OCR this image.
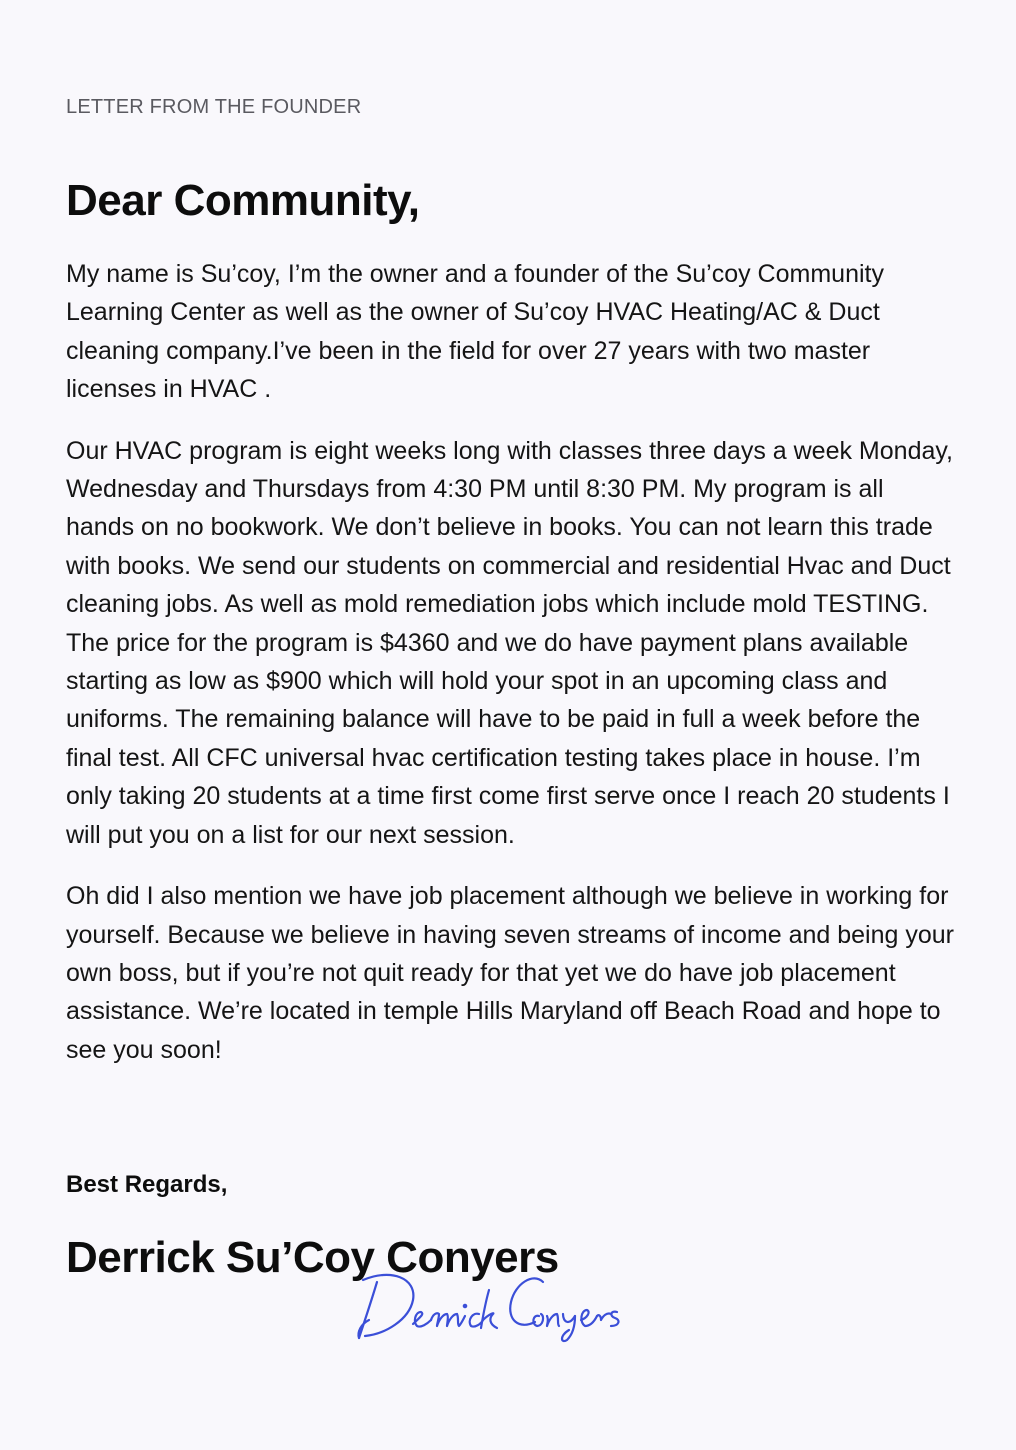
LETTER FROM THE FOUNDER
Dear Community,

My name is Su’coy, I’m the owner and a founder of the Su’coy Community Learning Center as well as the owner of Su’coy HVAC Heating/AC & Duct cleaning company.I’ve been in the field for over 27 years with two master licenses in HVAC .

Our HVAC program is eight weeks long with classes three days a week Monday, Wednesday and Thursdays from 4:30 PM until 8:30 PM. My program is all hands on no bookwork. We don’t believe in books. You can not learn this trade with books. We send our students on commercial and residential Hvac and Duct cleaning jobs. As well as mold remediation jobs which include mold TESTING. The price for the program is $4360 and we do have payment plans available starting as low as $900 which will hold your spot in an upcoming class and uniforms. The remaining balance will have to be paid in full a week before the final test. All CFC universal hvac certification testing takes place in house. I’m only taking 20 students at a time first come first serve once I reach 20 students I will put you on a list for our next session.

Oh did I also mention we have job placement although we believe in working for yourself. Because we believe in having seven streams of income and being your own boss, but if you’re not quit ready for that yet we do have job placement assistance. We’re located in temple Hills Maryland off Beach Road and hope to see you soon!

Best Regards,
Derrick Su’Coy Conyers
